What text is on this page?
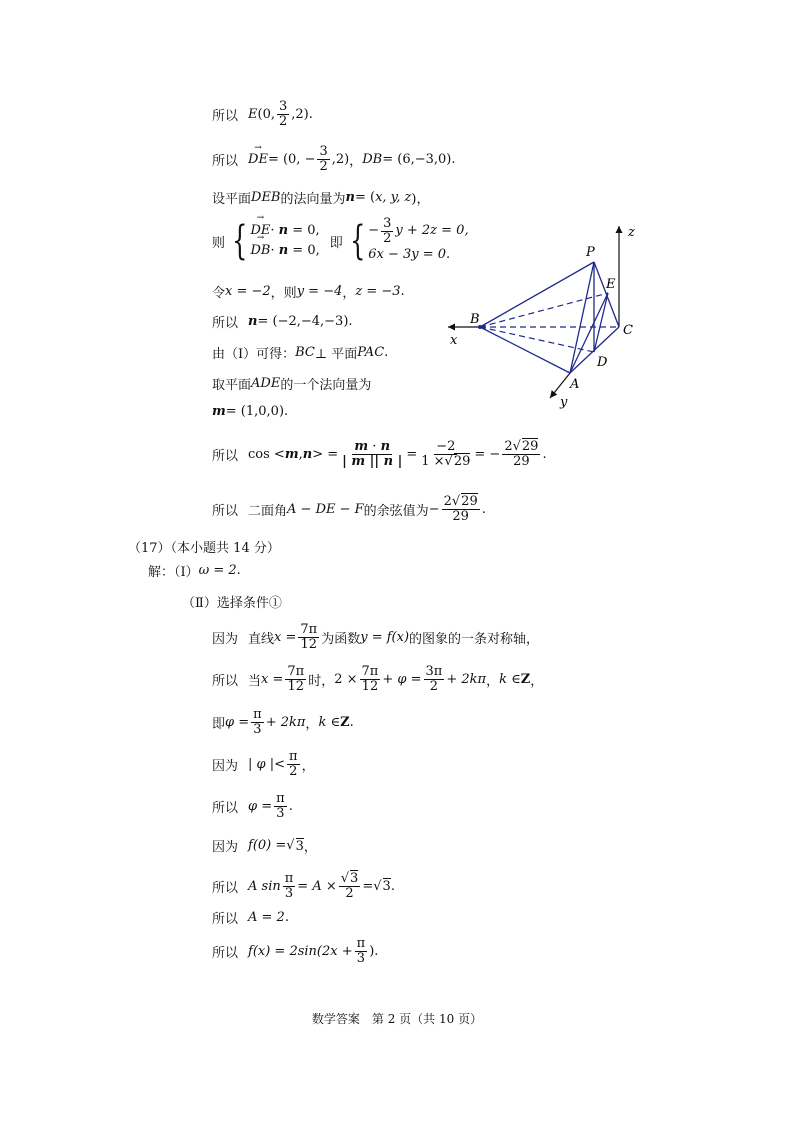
所以 E (0, $\frac{3}{2} ,2$) .
所以 DE → = (0, − $\frac{3}{2} ,2$) ， DB = (6,−3,0) .
设平面 DEB 的法向量为 n = ( x, y, z )，
则 { DE →· n = 0,
DB →· n = 0, 即 { − $\frac{3}{2}$ y + 2z = 0,
6x − 3y = 0.
令 x = −2 ，则 y = −4 ， z = −3 .
所以 n = (−2,−4,−3) .
由（Ⅰ）可得： BC ⊥ 平面 PAC .
取平面 ADE 的一个法向量为
m = (1,0,0) .
所以 cos < m , n > = $\frac{m \cdot n}{| m || n |} = \frac{-2}{1 \times√29}$ = − $\frac{2√29}{29}$ .
所以 二面角 A − DE − F 的余弦值为 − $\frac{2√29}{29}$ .
（17）（本小题共 14 分）
解：（Ⅰ） ω = 2 .
（Ⅱ）选择条件①
因为 直线 $x = \frac{7\pi}{12}$ 为函数 y = f(x) 的图象的一条对称轴，
所以 当 $x = \frac{7\pi}{12}$ 时， $2 \times \frac{7\pi}{12} + \varphi = \frac{3\pi}{2} + 2k\pi$ ， k ∈ Z ，
即 $\varphi = \frac{\pi}{3} + 2k\pi$ ， k ∈ Z .
因为 | φ |< $\frac{\pi}{2}$ ，
所以 $\varphi = \frac{\pi}{3}$ .
因为 f(0) = √ 3 ，
所以 A $\sin \frac{\pi}{3} = A \times \frac{√3}{2}$ = √ 3 .
所以 A = 2 .
所以 $f(x) = 2\sin(2x + \frac{\pi}{3}$ ) .
P
E
B
C
D
A
x
y
z
数学答案　第 2 页（共 10 页）
